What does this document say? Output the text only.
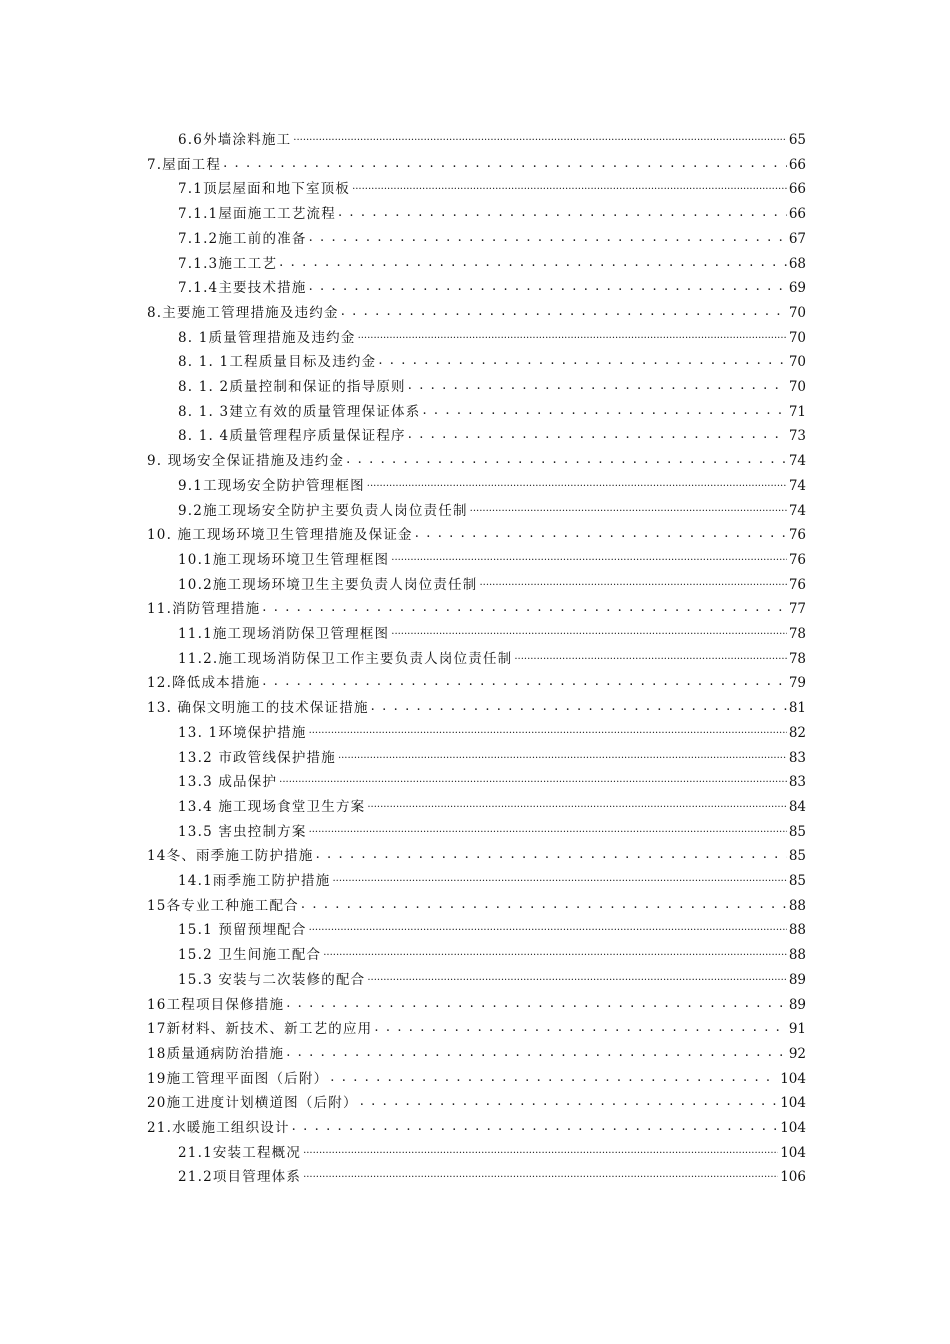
6.6外墙涂料施工 .....	65
7.屋面工程 . . .	66
7.1顶层屋面和地下室顶板 .....	66
7.1.1屋面施工工艺流程 . . .	66
7.1.2施工前的准备 . . .	67
7.1.3施工工艺 . . .	68
7.1.4主要技术措施 . . .	69
8.主要施工管理措施及违约金 . . .	70
8. 1质量管理措施及违约金 .....	70
8. 1. 1工程质量目标及违约金 . . .	70
8. 1. 2质量控制和保证的指导原则 . . .	70
8. 1. 3建立有效的质量管理保证体系 . . .	71
8. 1. 4质量管理程序质量保证程序 . . .	73
9. 现场安全保证措施及违约金 . . .	74
9.1工现场安全防护管理框图 .....	74
9.2施工现场安全防护主要负责人岗位责任制 .....	74
10. 施工现场环境卫生管理措施及保证金 . . .	76
10.1施工现场环境卫生管理框图 .....	76
10.2施工现场环境卫生主要负责人岗位责任制 .....	76
11.消防管理措施 . . .	77
11.1施工现场消防保卫管理框图 .....	78
11.2.施工现场消防保卫工作主要负责人岗位责任制 .....	78
12.降低成本措施 . . .	79
13. 确保文明施工的技术保证措施 . . .	81
13. 1环境保护措施 .....	82
13.2 市政管线保护措施 .....	83
13.3 成品保护 .....	83
13.4 施工现场食堂卫生方案 .....	84
13.5 害虫控制方案 .....	85
14冬、雨季施工防护措施 . . .	85
14.1雨季施工防护措施 .....	85
15各专业工种施工配合 . . .	88
15.1 预留预埋配合 .....	88
15.2 卫生间施工配合 .....	88
15.3 安装与二次装修的配合 .....	89
16工程项目保修措施 . . .	89
17新材料、新技术、新工艺的应用 . . .	91
18质量通病防治措施 . . .	92
19施工管理平面图（后附） . . .	104
20施工进度计划横道图（后附） . . .	104
21.水暖施工组织设计 . . .	104
21.1安装工程概况 .....	104
21.2项目管理体系 .....	106
